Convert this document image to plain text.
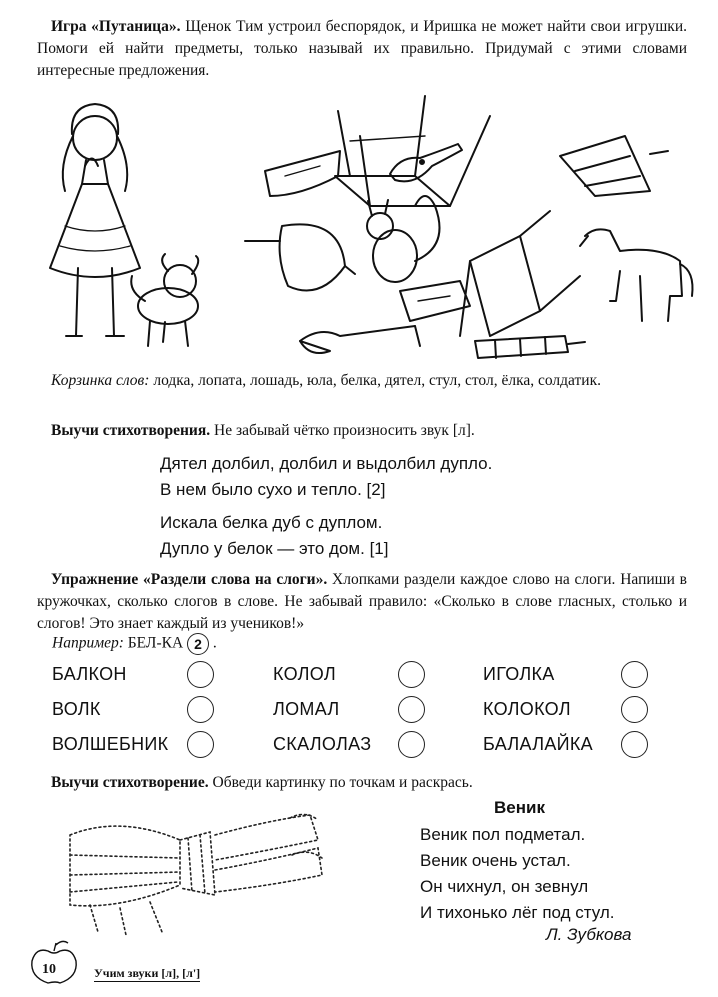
Игра «Путаница». Щенок Тим устроил беспорядок, и Иришка не может найти свои игрушки. Помоги ей найти предметы, только называй их правильно. Придумай с этими словами интересные предложения.
Корзинка слов: лодка, лопата, лошадь, юла, белка, дятел, стул, стол, ёлка, солдатик.
Выучи стихотворения. Не забывай чётко произносить звук [л].
Дятел долбил, долбил и выдолбил дупло.
В нем было сухо и тепло. [2]
Искала белка дуб с дуплом.
Дупло у белок — это дом. [1]
Упражнение «Раздели слова на слоги». Хлопками раздели каждое слово на слоги. Напиши в кружочках, сколько слогов в слове. Не забывай правило: «Сколько в слове гласных, столько и слогов! Это знает каждый из учеников!»
Например: БЕЛ-КА 2 .
БАЛКОН	КОЛОЛ	ИГОЛКА
ВОЛК	ЛОМАЛ	КОЛОКОЛ
ВОЛШЕБНИК	СКАЛОЛАЗ	БАЛАЛАЙКА
Выучи стихотворение. Обведи картинку по точкам и раскрась.
Веник
Веник пол подметал.
Веник очень устал.
Он чихнул, он зевнул
И тихонько лёг под стул.
Л. Зубкова
10	Учим звуки [л], [л']
